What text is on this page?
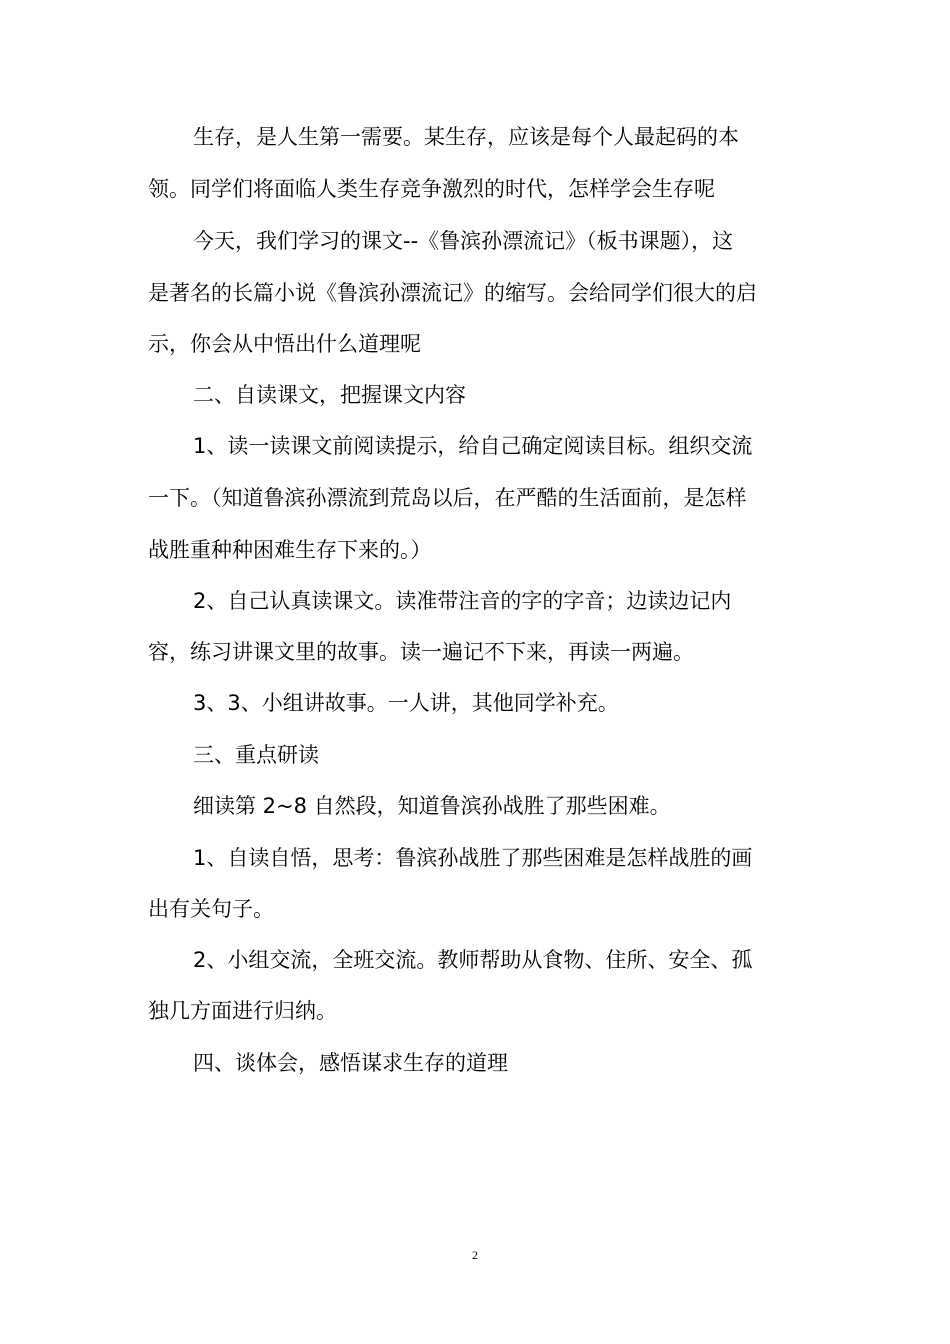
生存，是人生第一需要。某生存，应该是每个人最起码的本
领。同学们将面临人类生存竞争激烈的时代，怎样学会生存呢
今天，我们学习的课文--《鲁滨孙漂流记》（板书课题），这
是著名的长篇小说《鲁滨孙漂流记》的缩写。会给同学们很大的启
示，你会从中悟出什么道理呢
二、自读课文，把握课文内容
1、读一读课文前阅读提示，给自己确定阅读目标。组织交流
一下。（知道鲁滨孙漂流到荒岛以后，在严酷的生活面前，是怎样
战胜重种种困难生存下来的。）
2、自己认真读课文。读准带注音的字的字音；边读边记内
容，练习讲课文里的故事。读一遍记不下来，再读一两遍。
3、3、小组讲故事。一人讲，其他同学补充。
三、重点研读
细读第 2~8 自然段，知道鲁滨孙战胜了那些困难。
1、自读自悟，思考：鲁滨孙战胜了那些困难是怎样战胜的画
出有关句子。
2、小组交流，全班交流。教师帮助从食物、住所、安全、孤
独几方面进行归纳。
四、谈体会，感悟谋求生存的道理
2
